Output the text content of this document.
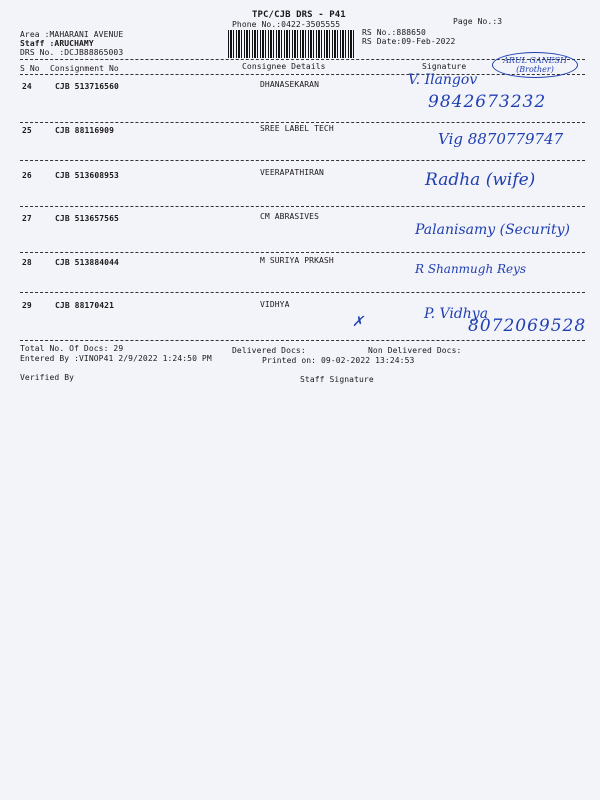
TPC/CJB DRS - P41
Phone No.:0422-3505555	Page No.:3
Area :MAHARANI AVENUE
Staff :ARUCHAMY
DRS No. :DCJB88865003
RS No.:888650
RS Date:09-Feb-2022
S No Consignment No	Consignee Details	Signature
24	CJB 513716560	DHANASEKARAN	V. Ilangov
ARUL GANESH (Brother)
9842673232
25	CJB 88116909	SREE LABEL TECH
Vig 8870779747
26	CJB 513608953	VEERAPATHIRAN	Radha (wife)
27	CJB 513657565	CM ABRASIVES
Palanisamy (Security)
28	CJB 513884044	M SURIYA PRKASH
R Shanmugh Reys
29	CJB 88170421	VIDHYA
✗	P. Vidhya
8072069528
Total No. Of Docs: 29	Delivered Docs:	Non Delivered Docs:
Entered By :VINOP41 2/9/2022 1:24:50 PM	Printed on: 09-02-2022 13:24:53
Verified By	Staff Signature
